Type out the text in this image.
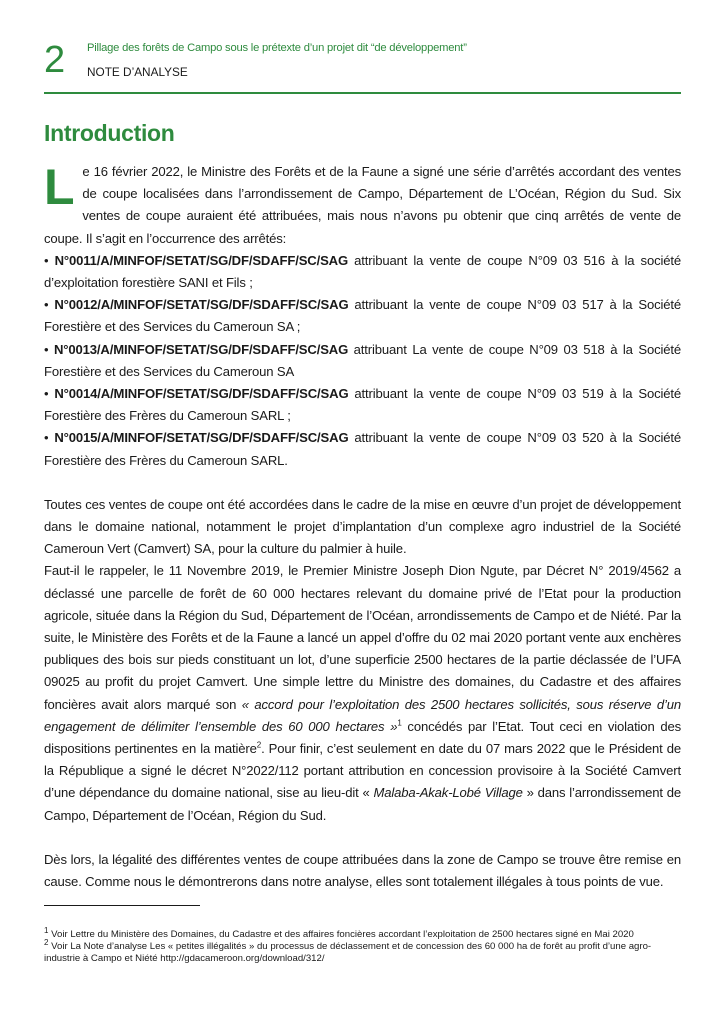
2 Pillage des forêts de Campo sous le prétexte d’un projet dit “de développement”
NOTE D’ANALYSE
Introduction

Le 16 février 2022, le Ministre des Forêts et de la Faune a signé une série d’arrêtés accordant des ventes de coupe localisées dans l’arrondissement de Campo, Département de L’Océan, Région du Sud. Six ventes de coupe auraient été attribuées, mais nous n’avons pu obtenir que cinq arrêtés de vente de coupe. Il s’agit en l’occurrence des arrêtés:

• N°0011/A/MINFOF/SETAT/SG/DF/SDAFF/SC/SAG attribuant la vente de coupe N°09 03 516 à la société d’exploitation forestière SANI et Fils ;

• N°0012/A/MINFOF/SETAT/SG/DF/SDAFF/SC/SAG attribuant la vente de coupe N°09 03 517 à la Société Forestière et des Services du Cameroun SA ;

• N°0013/A/MINFOF/SETAT/SG/DF/SDAFF/SC/SAG attribuant La vente de coupe N°09 03 518 à la Société Forestière et des Services du Cameroun SA

• N°0014/A/MINFOF/SETAT/SG/DF/SDAFF/SC/SAG attribuant la vente de coupe N°09 03 519 à la Société Forestière des Frères du Cameroun SARL ;

• N°0015/A/MINFOF/SETAT/SG/DF/SDAFF/SC/SAG attribuant la vente de coupe N°09 03 520 à la Société Forestière des Frères du Cameroun SARL.

Toutes ces ventes de coupe ont été accordées dans le cadre de la mise en œuvre d’un projet de développement dans le domaine national, notamment le projet d’implantation d’un complexe agro industriel de la Société Cameroun Vert (Camvert) SA, pour la culture du palmier à huile.

Faut-il le rappeler, le 11 Novembre 2019, le Premier Ministre Joseph Dion Ngute, par Décret N° 2019/4562 a déclassé une parcelle de forêt de 60 000 hectares relevant du domaine privé de l’Etat pour la production agricole, située dans la Région du Sud, Département de l’Océan, arrondissements de Campo et de Niété. Par la suite, le Ministère des Forêts et de la Faune a lancé un appel d’offre du 02 mai 2020 portant vente aux enchères publiques des bois sur pieds constituant un lot, d’une superficie 2500 hectares de la partie déclassée de l’UFA 09025 au profit du projet Camvert. Une simple lettre du Ministre des domaines, du Cadastre et des affaires foncières avait alors marqué son « accord pour l’exploitation des 2500 hectares sollicités, sous réserve d’un engagement de délimiter l’ensemble des 60 000 hectares »$^1$ concédés par l’Etat. Tout ceci en violation des dispositions pertinentes en la matière$^2$. Pour finir, c’est seulement en date du 07 mars 2022 que le Président de la République a signé le décret N°2022/112 portant attribution en concession provisoire à la Société Camvert d’une dépendance du domaine national, sise au lieu-dit « Malaba-Akak-Lobé Village » dans l’arrondissement de Campo, Département de l’Océan, Région du Sud.

Dès lors, la légalité des différentes ventes de coupe attribuées dans la zone de Campo se trouve être remise en cause. Comme nous le démontrerons dans notre analyse, elles sont totalement illégales à tous points de vue.

$^1$ Voir Lettre du Ministère des Domaines, du Cadastre et des affaires foncières accordant l’exploitation de 2500 hectares signé en Mai 2020

$^2$ Voir La Note d’analyse Les « petites illégalités » du processus de déclassement et de concession des 60 000 ha de forêt au profit d’une agro-industrie à Campo et Niété http://gdacameroon.org/download/312/
